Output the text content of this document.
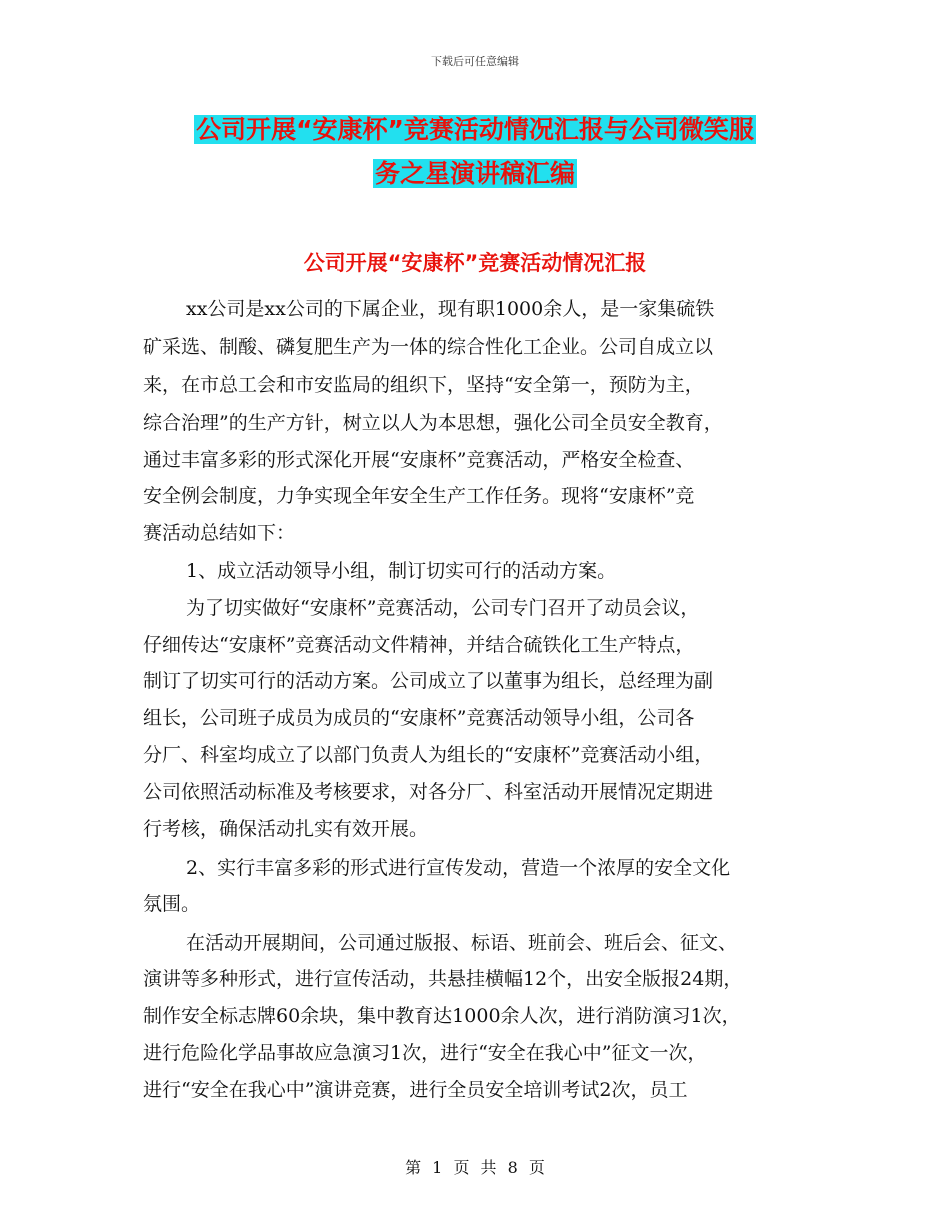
下载后可任意编辑
公司开展“安康杯”竞赛活动情况汇报与公司微笑服
务之星演讲稿汇编
公司开展“安康杯”竞赛活动情况汇报
xx公司是xx公司的下属企业，现有职1000余人，是一家集硫铁
矿采选、制酸、磷复肥生产为一体的综合性化工企业。公司自成立以
来，在市总工会和市安监局的组织下，坚持“安全第一，预防为主，
综合治理”的生产方针，树立以人为本思想，强化公司全员安全教育，
通过丰富多彩的形式深化开展“安康杯”竞赛活动，严格安全检查、
安全例会制度，力争实现全年安全生产工作任务。现将“安康杯”竞
赛活动总结如下：
1、成立活动领导小组，制订切实可行的活动方案。
为了切实做好“安康杯”竞赛活动，公司专门召开了动员会议，
仔细传达“安康杯”竞赛活动文件精神，并结合硫铁化工生产特点，
制订了切实可行的活动方案。公司成立了以董事为组长，总经理为副
组长，公司班子成员为成员的“安康杯”竞赛活动领导小组，公司各
分厂、科室均成立了以部门负责人为组长的“安康杯”竞赛活动小组，
公司依照活动标准及考核要求，对各分厂、科室活动开展情况定期进
行考核，确保活动扎实有效开展。
2、实行丰富多彩的形式进行宣传发动，营造一个浓厚的安全文化
氛围。
在活动开展期间，公司通过版报、标语、班前会、班后会、征文、
演讲等多种形式，进行宣传活动，共悬挂横幅12个，出安全版报24期，
制作安全标志牌60余块，集中教育达1000余人次，进行消防演习1次，
进行危险化学品事故应急演习1次，进行“安全在我心中”征文一次，
进行“安全在我心中”演讲竞赛，进行全员安全培训考试2次，员工
第 1 页 共 8 页
